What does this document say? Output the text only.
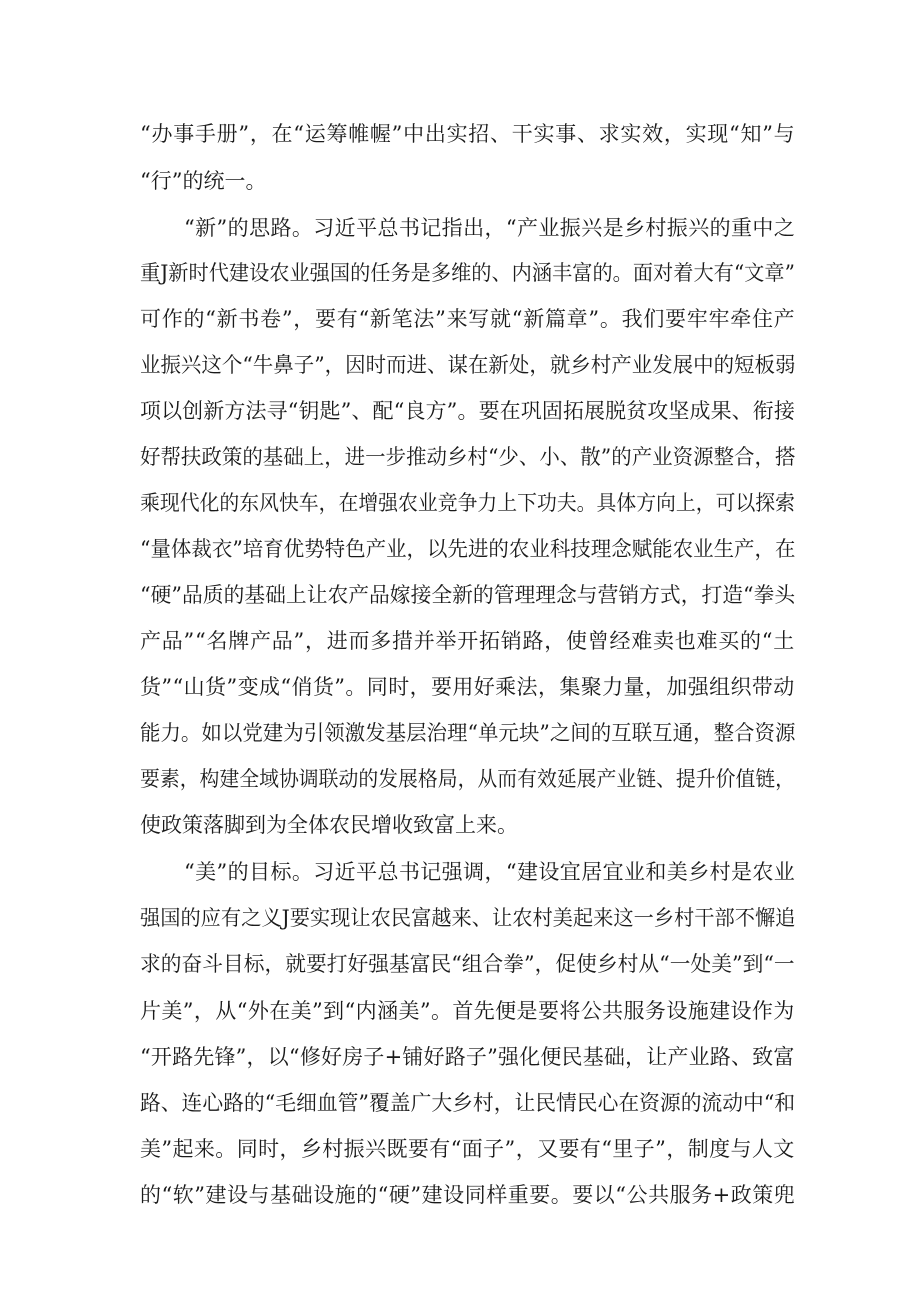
“办事手册”，在“运筹帷幄”中出实招、干实事、求实效，实现“知”与
“行”的统一。
“新”的思路。习近平总书记指出，“产业振兴是乡村振兴的重中之
重J新时代建设农业强国的任务是多维的、内涵丰富的。面对着大有“文章”
可作的“新书卷”，要有“新笔法”来写就“新篇章”。我们要牢牢牵住产
业振兴这个“牛鼻子”，因时而进、谋在新处，就乡村产业发展中的短板弱
项以创新方法寻“钥匙”、配“良方”。要在巩固拓展脱贫攻坚成果、衔接
好帮扶政策的基础上，进一步推动乡村“少、小、散”的产业资源整合，搭
乘现代化的东风快车，在增强农业竞争力上下功夫。具体方向上，可以探索
“量体裁衣”培育优势特色产业，以先进的农业科技理念赋能农业生产，在
“硬”品质的基础上让农产品嫁接全新的管理理念与营销方式，打造“拳头
产品”“名牌产品”，进而多措并举开拓销路，使曾经难卖也难买的“土
货”“山货”变成“俏货”。同时，要用好乘法，集聚力量，加强组织带动
能力。如以党建为引领激发基层治理“单元块”之间的互联互通，整合资源
要素，构建全域协调联动的发展格局，从而有效延展产业链、提升价值链，
使政策落脚到为全体农民增收致富上来。
“美”的目标。习近平总书记强调，“建设宜居宜业和美乡村是农业
强国的应有之义J要实现让农民富越来、让农村美起来这一乡村干部不懈追
求的奋斗目标，就要打好强基富民“组合拳”，促使乡村从“一处美”到“一
片美”，从“外在美”到“内涵美”。首先便是要将公共服务设施建设作为
“开路先锋”，以“修好房子+铺好路子”强化便民基础，让产业路、致富
路、连心路的“毛细血管”覆盖广大乡村，让民情民心在资源的流动中“和
美”起来。同时，乡村振兴既要有“面子”，又要有“里子”，制度与人文
的“软”建设与基础设施的“硬”建设同样重要。要以“公共服务+政策兜
